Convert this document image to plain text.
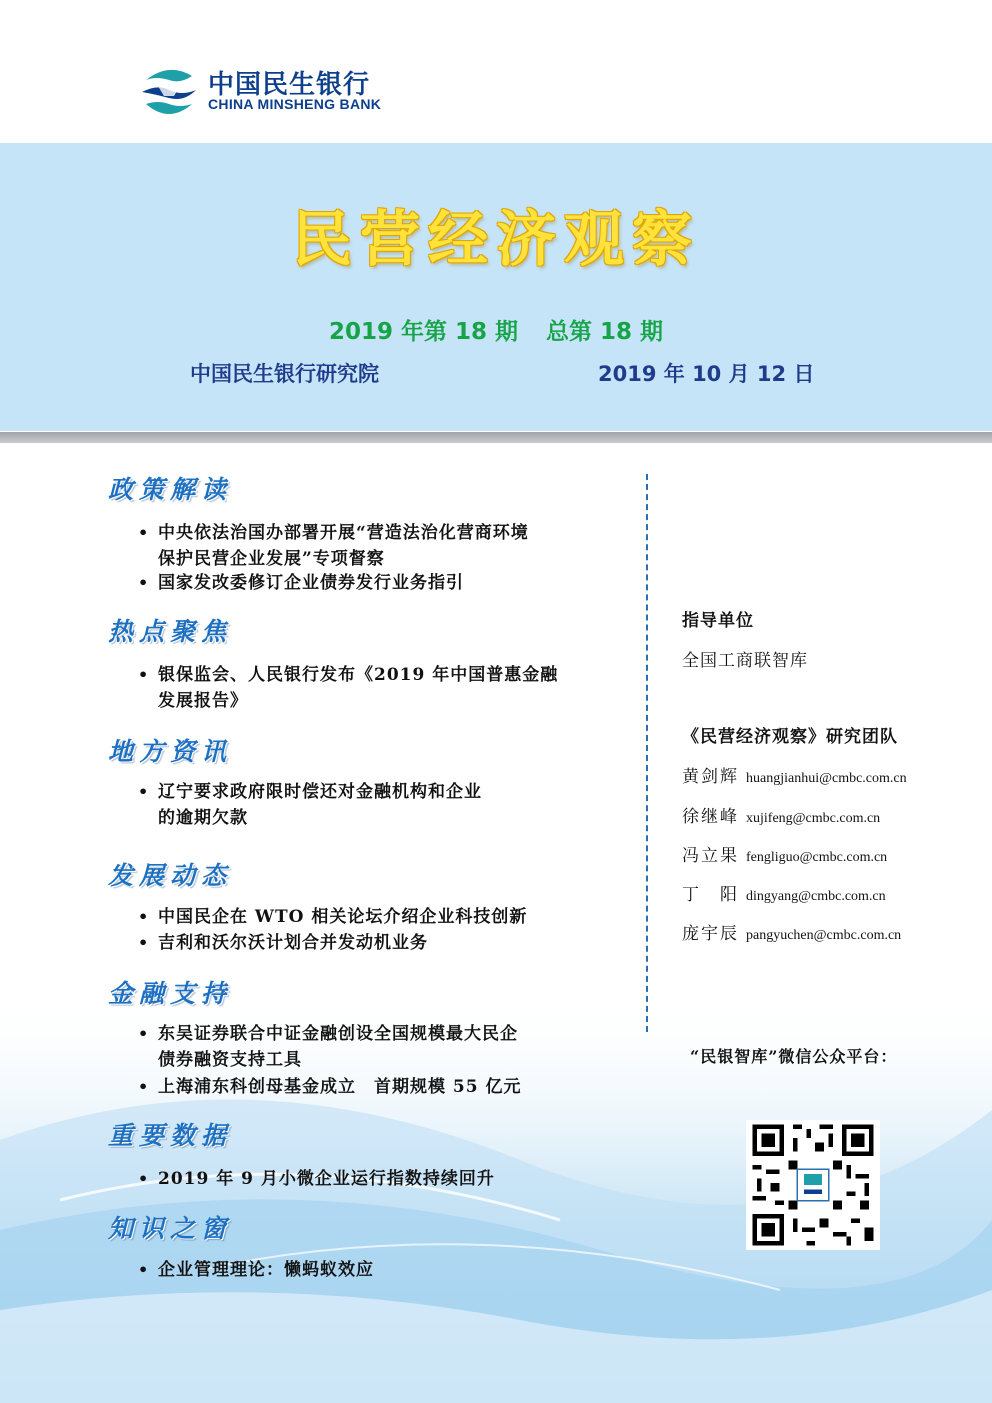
中国民生银行
CHINA MINSHENG BANK
民营经济观察
2019 年第 18 期 总第 18 期
中国民生银行研究院	2019 年 10 月 12 日
政策解读
• 中央依法治国办部署开展“营造法治化营商环境
保护民营企业发展”专项督察
• 国家发改委修订企业债券发行业务指引
热点聚焦
• 银保监会、人民银行发布《2019 年中国普惠金融
发展报告》
地方资讯
• 辽宁要求政府限时偿还对金融机构和企业
的逾期欠款
发展动态
• 中国民企在 WTO 相关论坛介绍企业科技创新
• 吉利和沃尔沃计划合并发动机业务
金融支持
• 东吴证券联合中证金融创设全国规模最大民企
债券融资支持工具
• 上海浦东科创母基金成立　首期规模 55 亿元
重要数据
• 2019 年 9 月小微企业运行指数持续回升
知识之窗
• 企业管理理论：懒蚂蚁效应
指导单位
全国工商联智库
《民营经济观察》研究团队
黄剑辉 huangjianhui@cmbc.com.cn
徐继峰 xujifeng@cmbc.com.cn
冯立果 fengliguo@cmbc.com.cn
丁　阳 dingyang@cmbc.com.cn
庞宇辰 pangyuchen@cmbc.com.cn
“民银智库”微信公众平台：
